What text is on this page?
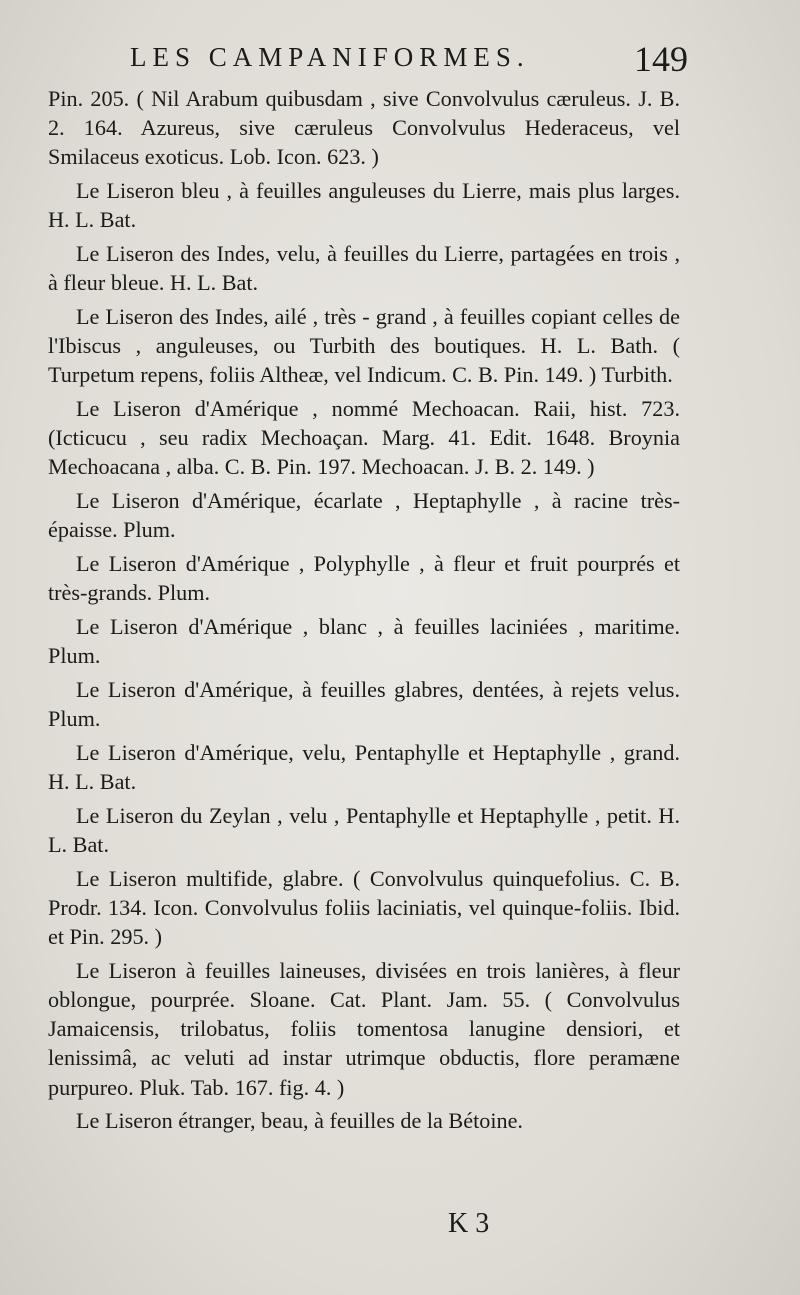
LES CAMPANIFORMES.	149

Pin. 205. ( Nil Arabum quibusdam , sive Convolvulus cæruleus. J. B. 2. 164. Azureus, sive cæruleus Convolvulus Hederaceus, vel Smilaceus exoticus. Lob. Icon. 623. )

Le Liseron bleu , à feuilles anguleuses du Lierre, mais plus larges. H. L. Bat.

Le Liseron des Indes, velu, à feuilles du Lierre, partagées en trois , à fleur bleue. H. L. Bat.

Le Liseron des Indes, ailé , très - grand , à feuilles copiant celles de l'Ibiscus , anguleuses, ou Turbith des boutiques. H. L. Bath. ( Turpetum repens, foliis Altheæ, vel Indicum. C. B. Pin. 149. ) Turbith.

Le Liseron d'Amérique , nommé Mechoacan. Raii, hist. 723. (Icticucu , seu radix Mechoaçan. Marg. 41. Edit. 1648. Broynia Mechoacana , alba. C. B. Pin. 197. Mechoacan. J. B. 2. 149. )

Le Liseron d'Amérique, écarlate , Heptaphylle , à racine très-épaisse. Plum.

Le Liseron d'Amérique , Polyphylle , à fleur et fruit pourprés et très-grands. Plum.

Le Liseron d'Amérique , blanc , à feuilles laciniées , maritime. Plum.

Le Liseron d'Amérique, à feuilles glabres, dentées, à rejets velus. Plum.

Le Liseron d'Amérique, velu, Pentaphylle et Heptaphylle , grand. H. L. Bat.

Le Liseron du Zeylan , velu , Pentaphylle et Heptaphylle , petit. H. L. Bat.

Le Liseron multifide, glabre. ( Convolvulus quinquefolius. C. B. Prodr. 134. Icon. Convolvulus foliis laciniatis, vel quinque-foliis. Ibid. et Pin. 295. )

Le Liseron à feuilles laineuses, divisées en trois lanières, à fleur oblongue, pourprée. Sloane. Cat. Plant. Jam. 55. ( Convolvulus Jamaicensis, trilobatus, foliis tomentosa lanugine densiori, et lenissimâ, ac veluti ad instar utrimque obductis, flore peramæne purpureo. Pluk. Tab. 167. fig. 4. )

Le Liseron étranger, beau, à feuilles de la Bétoine.

K 3
